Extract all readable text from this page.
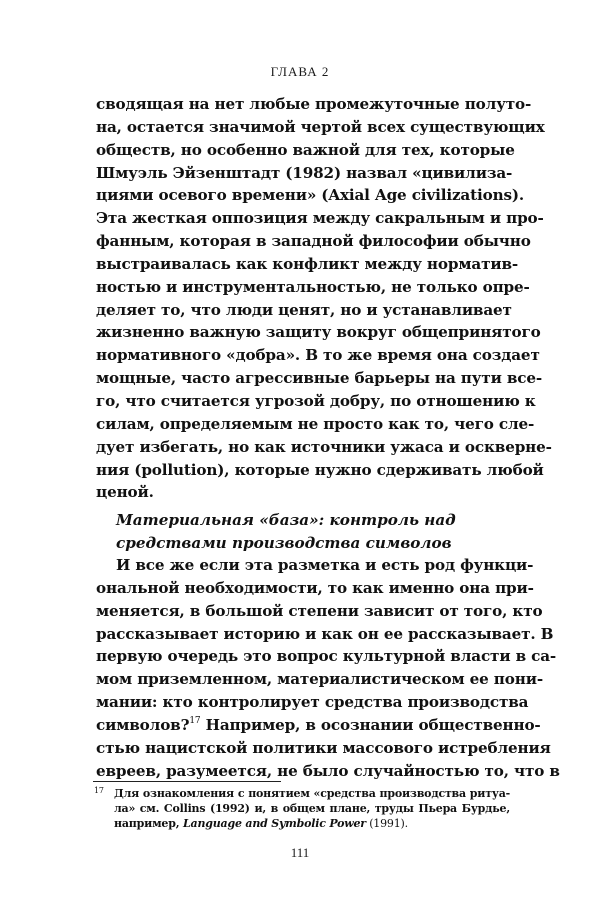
ГЛАВА 2
сводящая на нет любые промежуточные полуто-
на, остается значимой чертой всех существующих
обществ, но особенно важной для тех, которые
Шмуэль Эйзенштадт (1982) назвал «цивилиза-
циями осевого времени» (Axial Age civilizations).
Эта жесткая оппозиция между сакральным и про-
фанным, которая в западной философии обычно
выстраивалась как конфликт между норматив-
ностью и инструментальностью, не только опре-
деляет то, что люди ценят, но и устанавливает
жизненно важную защиту вокруг общепринятого
нормативного «добра». В то же время она создает
мощные, часто агрессивные барьеры на пути все-
го, что считается угрозой добру, по отношению к
силам, определяемым не просто как то, чего сле-
дует избегать, но как источники ужаса и оскверне-
ния (pollution), которые нужно сдерживать любой
ценой.
Материальная «база»: контроль над
средствами производства символов
И все же если эта разметка и есть род функци-
ональной необходимости, то как именно она при-
меняется, в большой степени зависит от того, кто
рассказывает историю и как он ее рассказывает. В
первую очередь это вопрос культурной власти в са-
мом приземленном, материалистическом ее пони-
мании: кто контролирует средства производства
символов?$^{17}$ Например, в осознании общественно-
стью нацистской политики массового истребления
евреев, разумеется, не было случайностью то, что в
17 Для ознакомления с понятием «средства производства ритуа-
ла» см. Collins (1992) и, в общем плане, труды Пьера Бурдье,
например, Language and Symbolic Power (1991).
111
